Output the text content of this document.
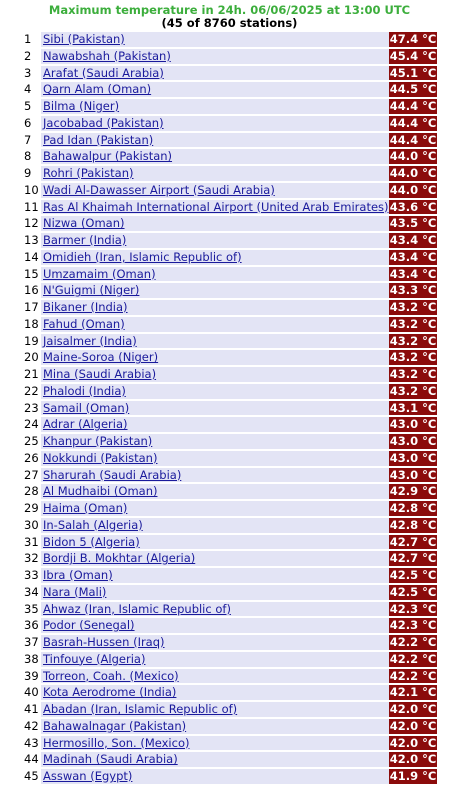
Maximum temperature in 24h. 06/06/2025 at 13:00 UTC
(45 of 8760 stations)
1	Sibi (Pakistan)	47.4 °C
2	Nawabshah (Pakistan)	45.4 °C
3	Arafat (Saudi Arabia)	45.1 °C
4	Qarn Alam (Oman)	44.5 °C
5	Bilma (Niger)	44.4 °C
6	Jacobabad (Pakistan)	44.4 °C
7	Pad Idan (Pakistan)	44.4 °C
8	Bahawalpur (Pakistan)	44.0 °C
9	Rohri (Pakistan)	44.0 °C
10	Wadi Al-Dawasser Airport (Saudi Arabia)	44.0 °C
11	Ras Al Khaimah International Airport (United Arab Emirates)	43.6 °C
12	Nizwa (Oman)	43.5 °C
13	Barmer (India)	43.4 °C
14	Omidieh (Iran, Islamic Republic of)	43.4 °C
15	Umzamaim (Oman)	43.4 °C
16	N'Guigmi (Niger)	43.3 °C
17	Bikaner (India)	43.2 °C
18	Fahud (Oman)	43.2 °C
19	Jaisalmer (India)	43.2 °C
20	Maine-Soroa (Niger)	43.2 °C
21	Mina (Saudi Arabia)	43.2 °C
22	Phalodi (India)	43.2 °C
23	Samail (Oman)	43.1 °C
24	Adrar (Algeria)	43.0 °C
25	Khanpur (Pakistan)	43.0 °C
26	Nokkundi (Pakistan)	43.0 °C
27	Sharurah (Saudi Arabia)	43.0 °C
28	Al Mudhaibi (Oman)	42.9 °C
29	Haima (Oman)	42.8 °C
30	In-Salah (Algeria)	42.8 °C
31	Bidon 5 (Algeria)	42.7 °C
32	Bordji B. Mokhtar (Algeria)	42.7 °C
33	Ibra (Oman)	42.5 °C
34	Nara (Mali)	42.5 °C
35	Ahwaz (Iran, Islamic Republic of)	42.3 °C
36	Podor (Senegal)	42.3 °C
37	Basrah-Hussen (Iraq)	42.2 °C
38	Tinfouye (Algeria)	42.2 °C
39	Torreon, Coah. (Mexico)	42.2 °C
40	Kota Aerodrome (India)	42.1 °C
41	Abadan (Iran, Islamic Republic of)	42.0 °C
42	Bahawalnagar (Pakistan)	42.0 °C
43	Hermosillo, Son. (Mexico)	42.0 °C
44	Madinah (Saudi Arabia)	42.0 °C
45	Asswan (Egypt)	41.9 °C
